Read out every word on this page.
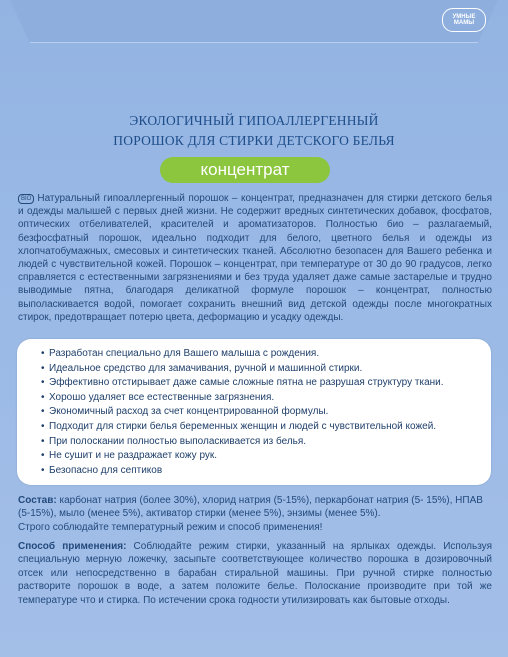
УМНЫЕ МАМЫ
ЭКОЛОГИЧНЫЙ ГИПОАЛЛЕРГЕННЫЙ
ПОРОШОК ДЛЯ СТИРКИ ДЕТСКОГО БЕЛЬЯ
концентрат
BIO Натуральный гипоаллергенный порошок – концентрат, предназначен для стирки детского белья и одежды малышей с первых дней жизни. Не содержит вредных синтетических добавок, фосфатов, оптических отбеливателей, красителей и ароматизаторов. Полностью био – разлагаемый, безфосфатный порошок, идеально подходит для белого, цветного белья и одежды из хлопчатобумажных, смесовых и синтетических тканей. Абсолютно безопасен для Вашего ребенка и людей с чувствительной кожей. Порошок – концентрат, при температуре от 30 до 90 градусов, легко справляется с естественными загрязнениями и без труда удаляет даже самые застарелые и трудно выводимые пятна, благодаря деликатной формуле порошок – концентрат, полностью выполаскивается водой, помогает сохранить внешний вид детской одежды после многократных стирок, предотвращает потерю цвета, деформацию и усадку одежды.
• Разработан специально для Вашего малыша с рождения.
• Идеальное средство для замачивания, ручной и машинной стирки.
• Эффективно отстирывает даже самые сложные пятна не разрушая структуру ткани.
• Хорошо удаляет все естественные загрязнения.
• Экономичный расход за счет концентрированной формулы.
• Подходит для стирки белья беременных женщин и людей с чувствительной кожей.
• При полоскании полностью выполаскивается из белья.
• Не сушит и не раздражает кожу рук.
• Безопасно для септиков
Состав: карбонат натрия (более 30%), хлорид натрия (5-15%), перкарбонат натрия (5- 15%), НПАВ (5-15%), мыло (менее 5%), активатор стирки (менее 5%), энзимы (менее 5%).
Строго соблюдайте температурный режим и способ применения!
Способ применения: Соблюдайте режим стирки, указанный на ярлыках одежды. Используя специальную мерную ложечку, засыпьте соответствующее количество порошка в дозировочный отсек или непосредственно в барабан стиральной машины. При ручной стирке полностью растворите порошок в воде, а затем положите белье. Полоскание производите при той же температуре что и стирка. По истечении срока годности утилизировать как бытовые отходы.
